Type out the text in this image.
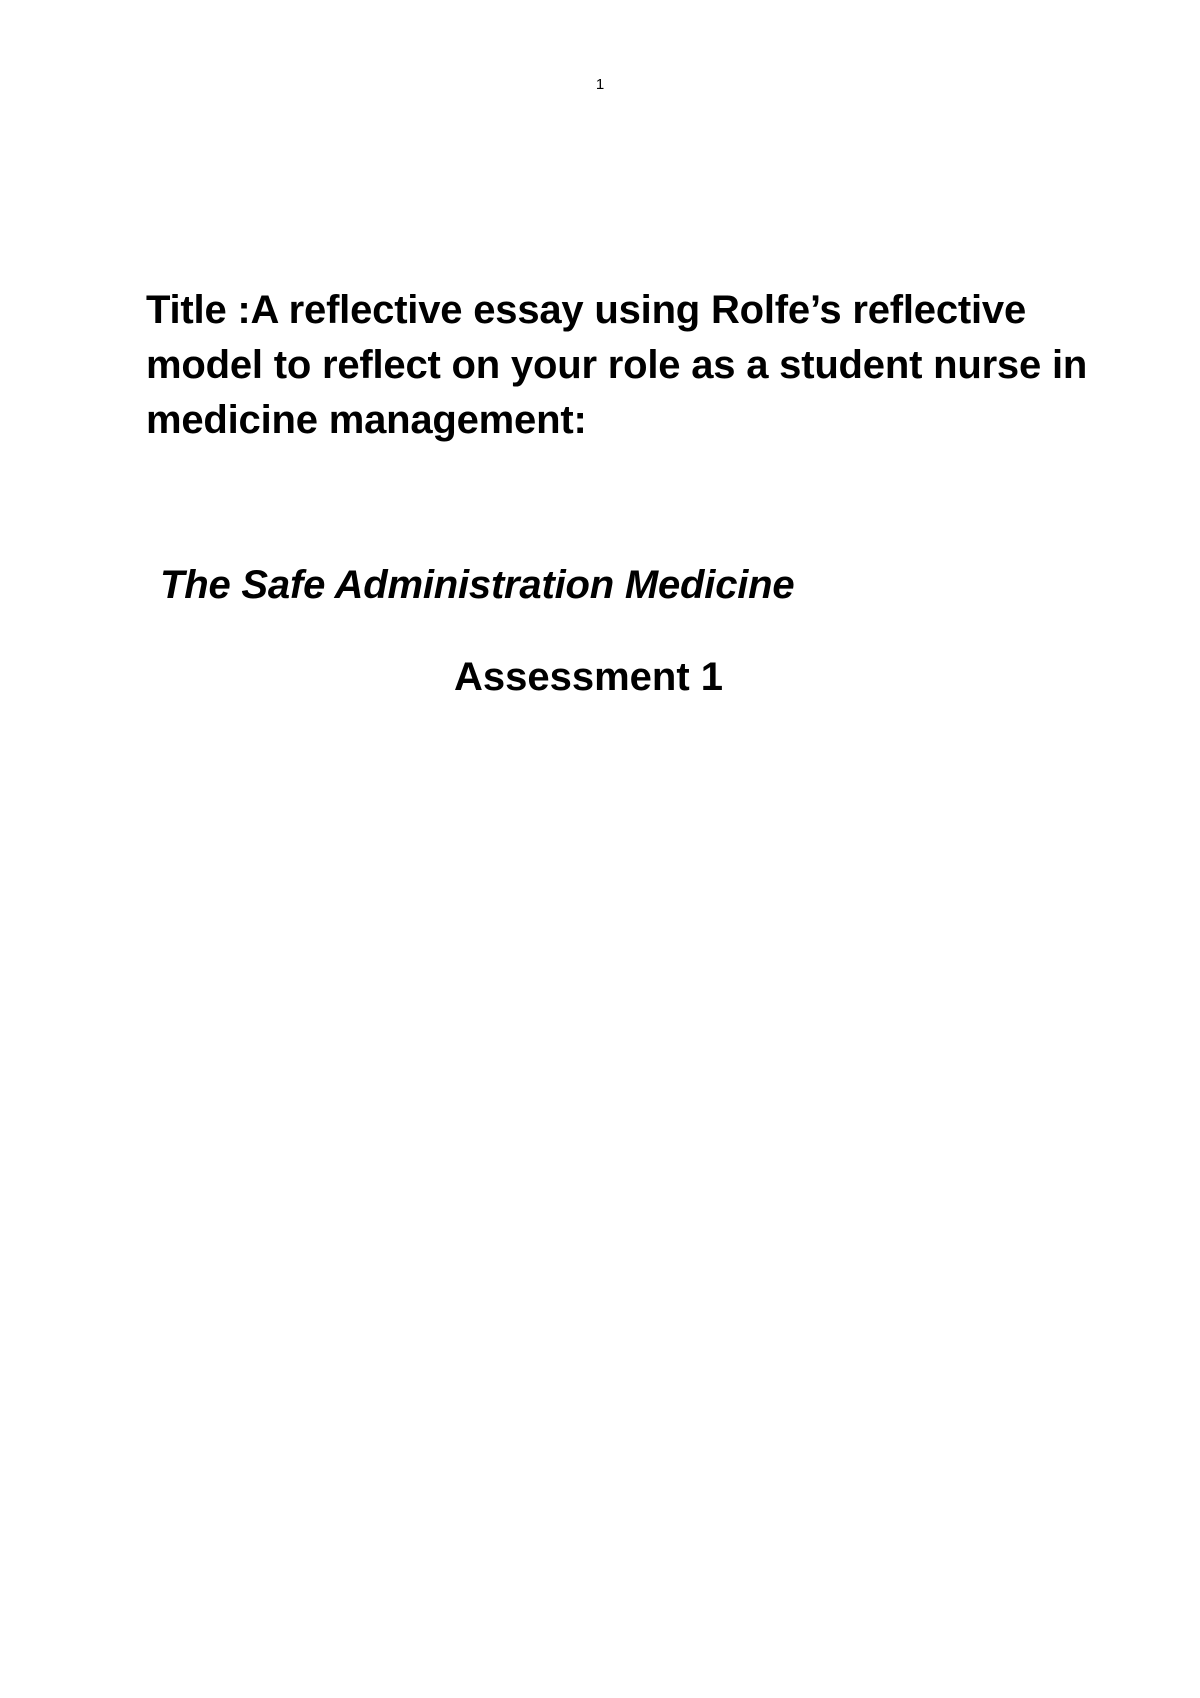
1
Title :A reflective essay using Rolfe’s reflective model to reflect on your role as a student nurse in medicine management:
The Safe Administration Medicine
Assessment 1
